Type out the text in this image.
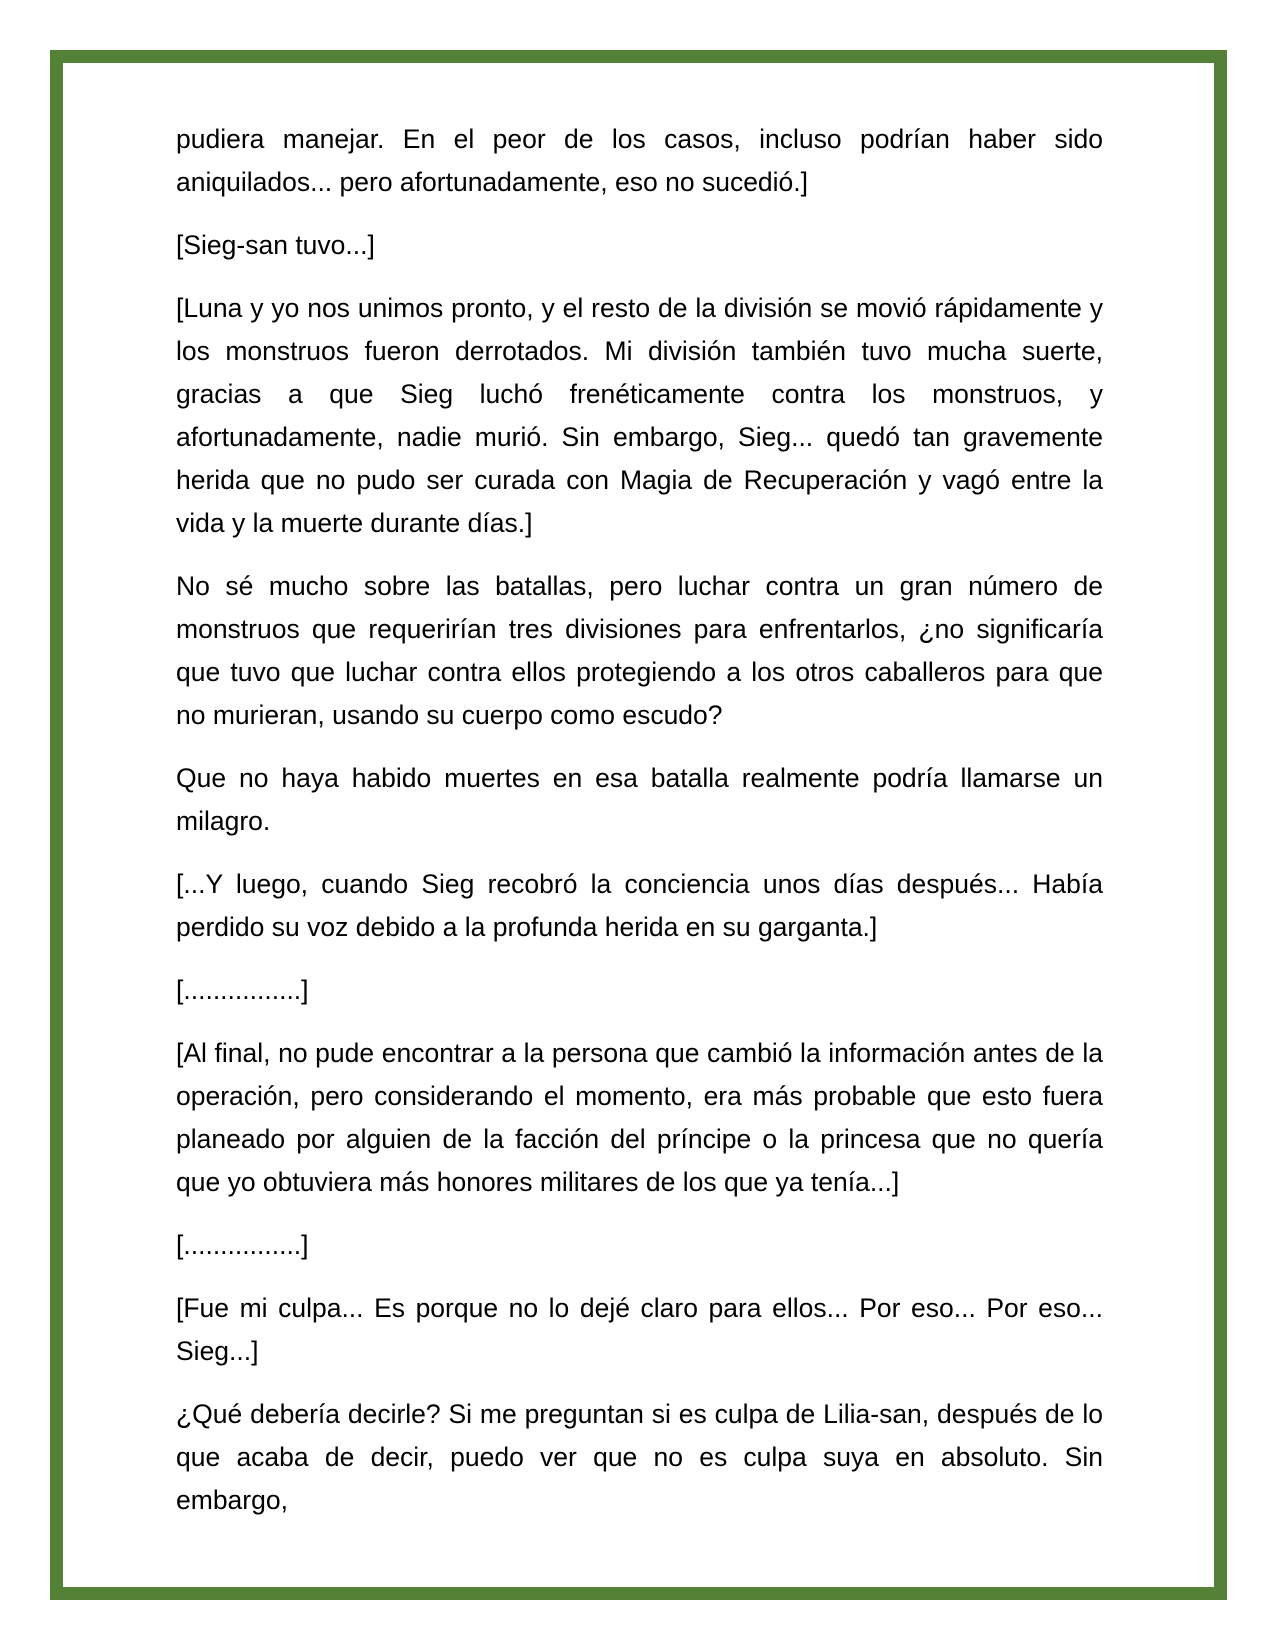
pudiera manejar. En el peor de los casos, incluso podrían haber sido aniquilados... pero afortunadamente, eso no sucedió.]

[Sieg-san tuvo...]

[Luna y yo nos unimos pronto, y el resto de la división se movió rápidamente y los monstruos fueron derrotados. Mi división también tuvo mucha suerte, gracias a que Sieg luchó frenéticamente contra los monstruos, y afortunadamente, nadie murió. Sin embargo, Sieg... quedó tan gravemente herida que no pudo ser curada con Magia de Recuperación y vagó entre la vida y la muerte durante días.]

No sé mucho sobre las batallas, pero luchar contra un gran número de monstruos que requerirían tres divisiones para enfrentarlos, ¿no significaría que tuvo que luchar contra ellos protegiendo a los otros caballeros para que no murieran, usando su cuerpo como escudo?

Que no haya habido muertes en esa batalla realmente podría llamarse un milagro.

[...Y luego, cuando Sieg recobró la conciencia unos días después... Había perdido su voz debido a la profunda herida en su garganta.]

[................]

[Al final, no pude encontrar a la persona que cambió la información antes de la operación, pero considerando el momento, era más probable que esto fuera planeado por alguien de la facción del príncipe o la princesa que no quería que yo obtuviera más honores militares de los que ya tenía...]

[................]

[Fue mi culpa... Es porque no lo dejé claro para ellos... Por eso... Por eso... Sieg...]

¿Qué debería decirle? Si me preguntan si es culpa de Lilia-san, después de lo que acaba de decir, puedo ver que no es culpa suya en absoluto. Sin embargo,
